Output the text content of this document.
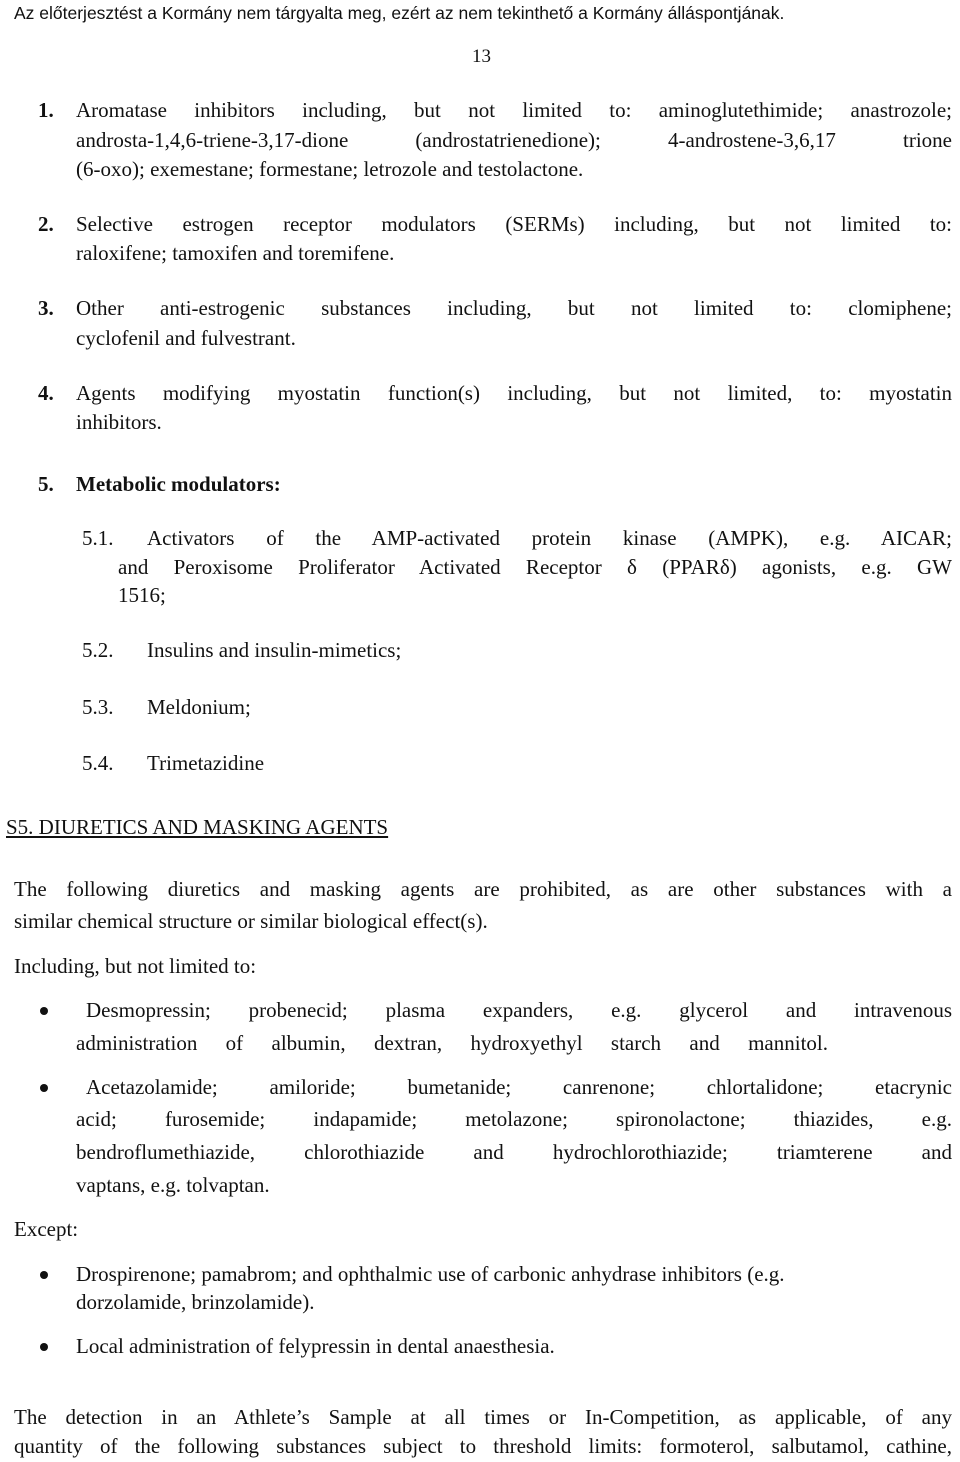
Az előterjesztést a Kormány nem tárgyalta meg, ezért az nem tekinthető a Kormány álláspontjának.
13
1. Aromatase inhibitors including, but not limited to: aminoglutethimide; anastrozole;
androsta-1,4,6-triene-3,17-dione (androstatrienedione); 4-androstene-3,6,17 trione
(6-oxo); exemestane; formestane; letrozole and testolactone.
2. Selective estrogen receptor modulators (SERMs) including, but not limited to:
raloxifene; tamoxifen and toremifene.
3. Other anti-estrogenic substances including, but not limited to: clomiphene;
cyclofenil and fulvestrant.
4. Agents modifying myostatin function(s) including, but not limited, to: myostatin
inhibitors.
5. Metabolic modulators:
5.1. Activators of the AMP-activated protein kinase (AMPK), e.g. AICAR;
and Peroxisome Proliferator Activated Receptor δ (PPARδ) agonists, e.g. GW
1516;
5.2. Insulins and insulin-mimetics;
5.3. Meldonium;
5.4. Trimetazidine
S5. DIURETICS AND MASKING AGENTS
The following diuretics and masking agents are prohibited, as are other substances with a
similar chemical structure or similar biological effect(s).
Including, but not limited to:
Desmopressin; probenecid; plasma expanders, e.g. glycerol and intravenous
administration of albumin, dextran, hydroxyethyl starch and mannitol.
Acetazolamide; amiloride; bumetanide; canrenone; chlortalidone; etacrynic
acid; furosemide; indapamide; metolazone; spironolactone; thiazides, e.g.
bendroflumethiazide, chlorothiazide and hydrochlorothiazide; triamterene and
vaptans, e.g. tolvaptan.
Except:
Drospirenone; pamabrom; and ophthalmic use of carbonic anhydrase inhibitors (e.g.
dorzolamide, brinzolamide).
Local administration of felypressin in dental anaesthesia.
The detection in an Athlete’s Sample at all times or In-Competition, as applicable, of any
quantity of the following substances subject to threshold limits: formoterol, salbutamol, cathine,
